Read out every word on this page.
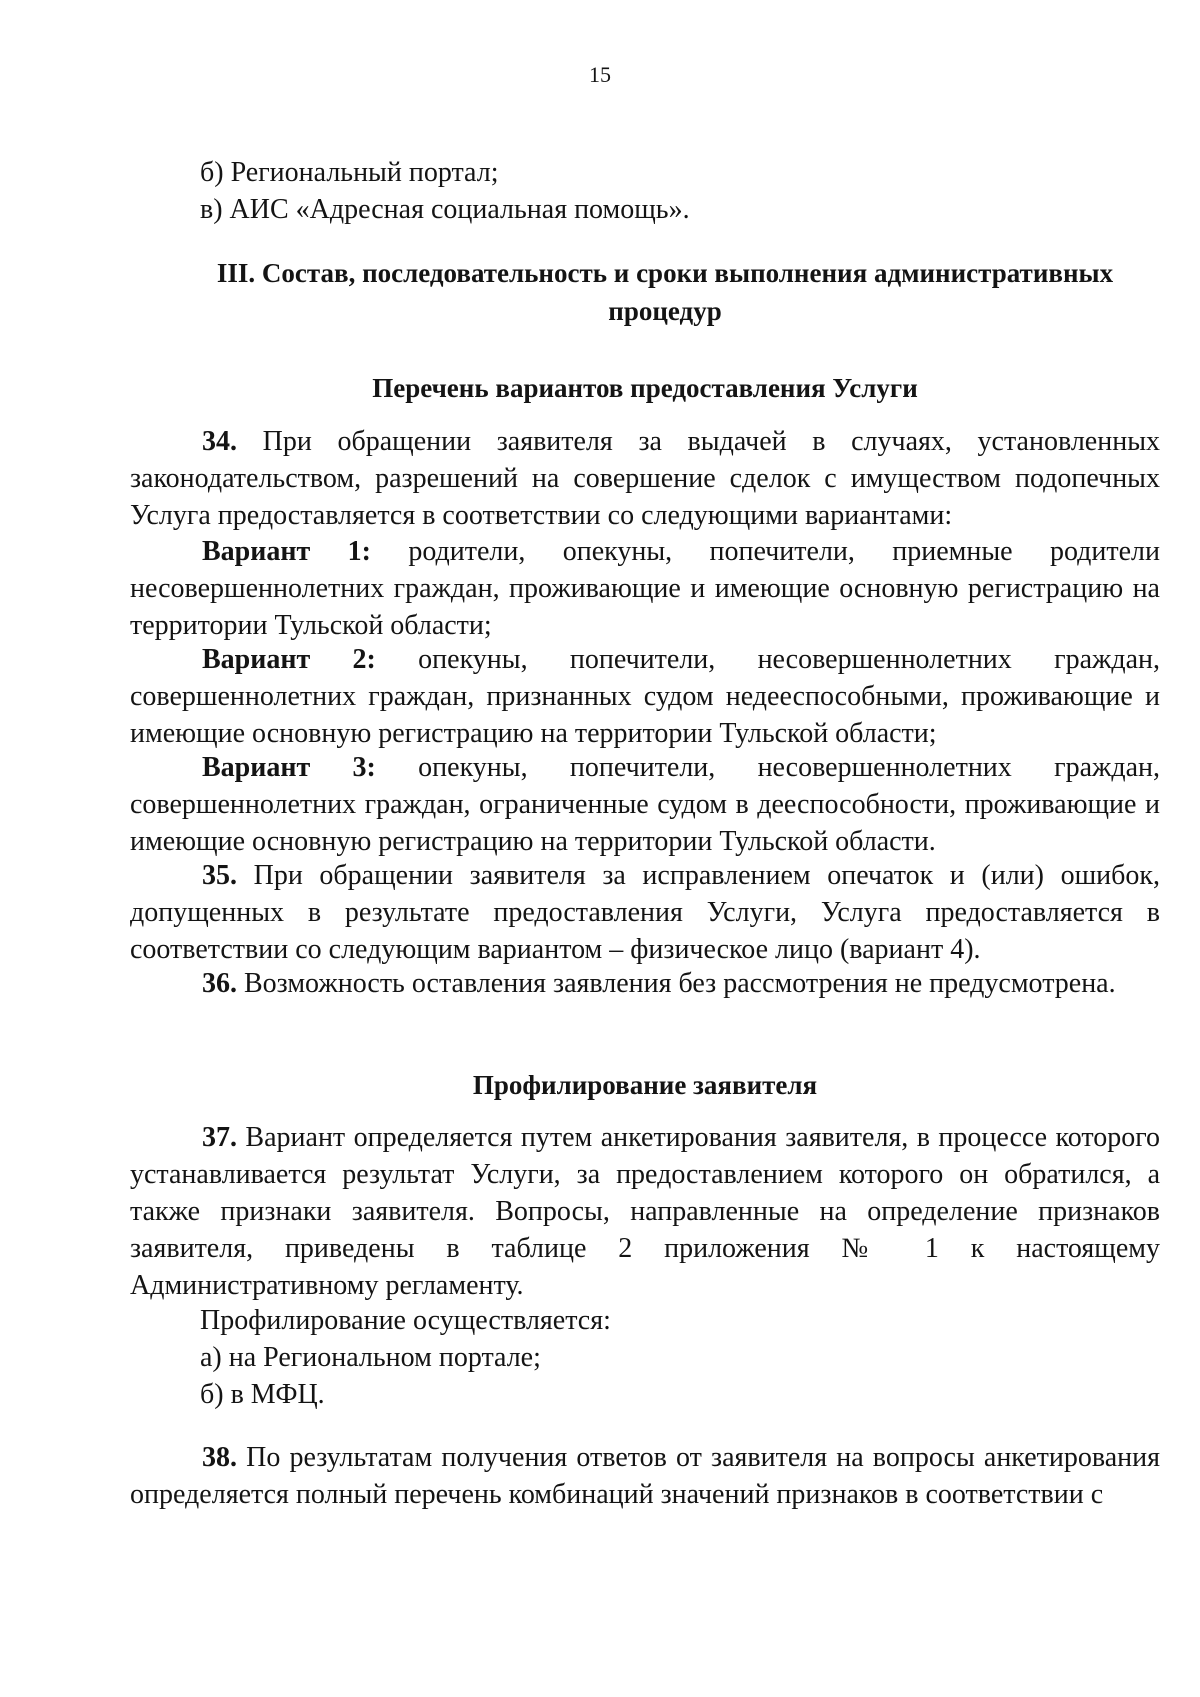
15
б) Региональный портал;
в) АИС «Адресная социальная помощь».
III. Состав, последовательность и сроки выполнения административных процедур
Перечень вариантов предоставления Услуги
34. При обращении заявителя за выдачей в случаях, установленных законодательством, разрешений на совершение сделок с имуществом подопечных Услуга предоставляется в соответствии со следующими вариантами:
Вариант 1: родители, опекуны, попечители, приемные родители несовершеннолетних граждан, проживающие и имеющие основную регистрацию на территории Тульской области;
Вариант 2: опекуны, попечители, несовершеннолетних граждан, совершеннолетних граждан, признанных судом недееспособными, проживающие и имеющие основную регистрацию на территории Тульской области;
Вариант 3: опекуны, попечители, несовершеннолетних граждан, совершеннолетних граждан, ограниченные судом в дееспособности, проживающие и имеющие основную регистрацию на территории Тульской области.
35. При обращении заявителя за исправлением опечаток и (или) ошибок, допущенных в результате предоставления Услуги, Услуга предоставляется в соответствии со следующим вариантом – физическое лицо (вариант 4).
36. Возможность оставления заявления без рассмотрения не предусмотрена.
Профилирование заявителя
37. Вариант определяется путем анкетирования заявителя, в процессе которого устанавливается результат Услуги, за предоставлением которого он обратился, а также признаки заявителя. Вопросы, направленные на определение признаков заявителя, приведены в таблице 2 приложения № 1 к настоящему Административному регламенту.
Профилирование осуществляется:
а) на Региональном портале;
б) в МФЦ.
38. По результатам получения ответов от заявителя на вопросы анкетирования определяется полный перечень комбинаций значений признаков в соответствии с
